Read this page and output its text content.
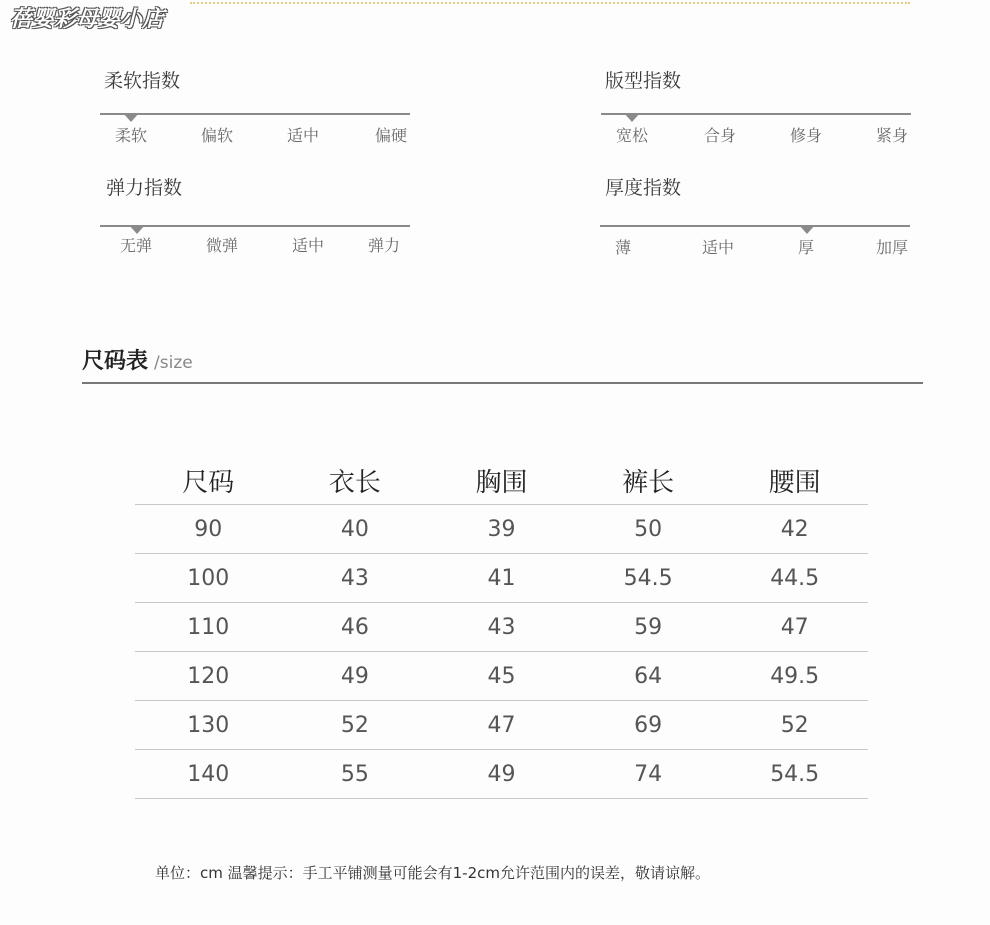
蓓婴彩母婴小店
柔软指数
柔软	偏软	适中	偏硬
版型指数
宽松	合身	修身	紧身
弹力指数
无弹	微弹	适中	弹力
厚度指数
薄	适中	厚	加厚
尺码表 /size
尺码	衣长	胸围	裤长	腰围
90	40	39	50	42
100	43	41	54.5	44.5
110	46	43	59	47
120	49	45	64	49.5
130	52	47	69	52
140	55	49	74	54.5
单位：cm 温馨提示：手工平铺测量可能会有1-2cm允许范围内的误差，敬请谅解。
